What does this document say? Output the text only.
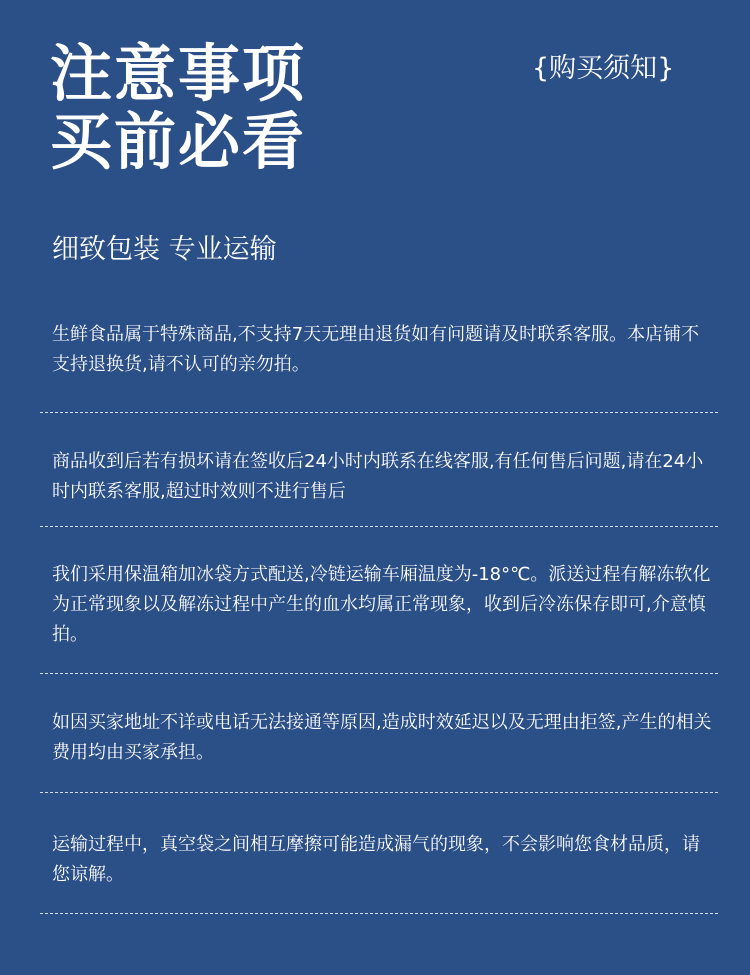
注意事项
买前必看
{购买须知}
细致包装 专业运输
生鲜食品属于特殊商品,不支持7天无理由退货如有问题请及时联系客服。本店铺不支持退换货,请不认可的亲勿拍。
商品收到后若有损坏请在签收后24小时内联系在线客服,有任何售后问题,请在24小时内联系客服,超过时效则不进行售后
我们采用保温箱加冰袋方式配送,冷链运输车厢温度为-18°℃。派送过程有解冻软化为正常现象以及解冻过程中产生的血水均属正常现象，收到后冷冻保存即可,介意慎拍。
如因买家地址不详或电话无法接通等原因,造成时效延迟以及无理由拒签,产生的相关费用均由买家承担。
运输过程中，真空袋之间相互摩擦可能造成漏气的现象，不会影响您食材品质，请您谅解。
